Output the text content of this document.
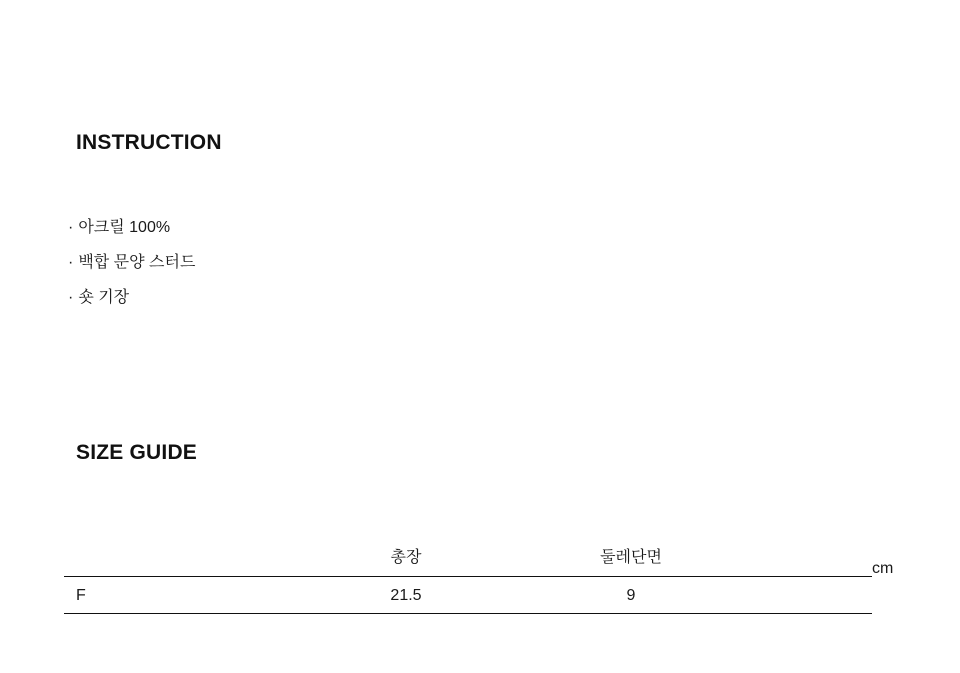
INSTRUCTION
· 아크릴 100%
· 백합 문양 스터드
· 숏 기장
SIZE GUIDE
	총장	둘레단면	
F	21.5	9	
cm
